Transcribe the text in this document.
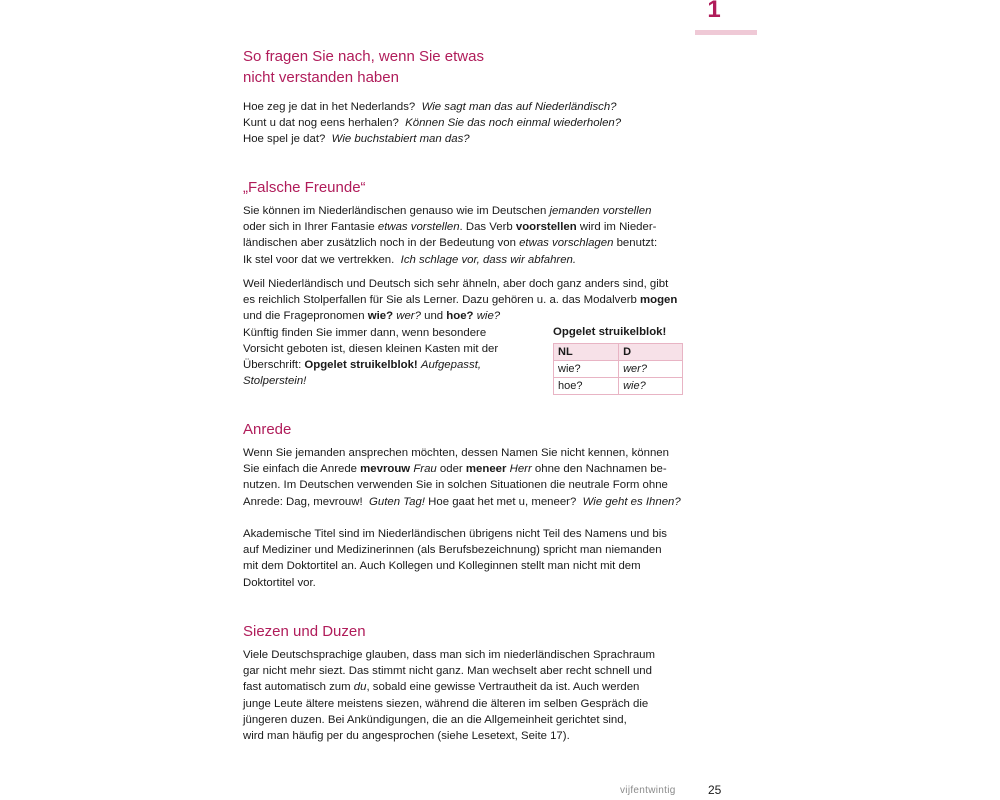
1
So fragen Sie nach, wenn Sie etwas
nicht verstanden haben

Hoe zeg je dat in het Nederlands? Wie sagt man das auf Niederländisch?
Kunt u dat nog eens herhalen? Können Sie das noch einmal wiederholen?
Hoe spel je dat? Wie buchstabiert man das?

„Falsche Freunde“

Sie können im Niederländischen genauso wie im Deutschen jemanden vorstellen
oder sich in Ihrer Fantasie etwas vorstellen. Das Verb voorstellen wird im Nieder-
ländischen aber zusätzlich noch in der Bedeutung von etwas vorschlagen benutzt:
Ik stel voor dat we vertrekken. Ich schlage vor, dass wir abfahren.

Weil Niederländisch und Deutsch sich sehr ähneln, aber doch ganz anders sind, gibt
es reichlich Stolperfallen für Sie als Lerner. Dazu gehören u. a. das Modalverb mogen
und die Fragepronomen wie? wer? und hoe? wie?
Künftig finden Sie immer dann, wenn besondere
Vorsicht geboten ist, diesen kleinen Kasten mit der
Überschrift: Opgelet struikelblok! Aufgepasst,
Stolperstein!

Anrede

Wenn Sie jemanden ansprechen möchten, dessen Namen Sie nicht kennen, können
Sie einfach die Anrede mevrouw Frau oder meneer Herr ohne den Nachnamen be-
nutzen. Im Deutschen verwenden Sie in solchen Situationen die neutrale Form ohne
Anrede: Dag, mevrouw! Guten Tag! Hoe gaat het met u, meneer? Wie geht es Ihnen?

Akademische Titel sind im Niederländischen übrigens nicht Teil des Namens und bis
auf Mediziner und Medizinerinnen (als Berufsbezeichnung) spricht man niemanden
mit dem Doktortitel an. Auch Kollegen und Kolleginnen stellt man nicht mit dem
Doktortitel vor.

Siezen und Duzen

Viele Deutschsprachige glauben, dass man sich im niederländischen Sprachraum
gar nicht mehr siezt. Das stimmt nicht ganz. Man wechselt aber recht schnell und
fast automatisch zum du, sobald eine gewisse Vertrautheit da ist. Auch werden
junge Leute ältere meistens siezen, während die älteren im selben Gespräch die
jüngeren duzen. Bei Ankündigungen, die an die Allgemeinheit gerichtet sind,
wird man häufig per du angesprochen (siehe Lesetext, Seite 17).

Opgelet struikelblok!
NL	D
wie?	wer?
hoe?	wie?
vijfentwintig	25
